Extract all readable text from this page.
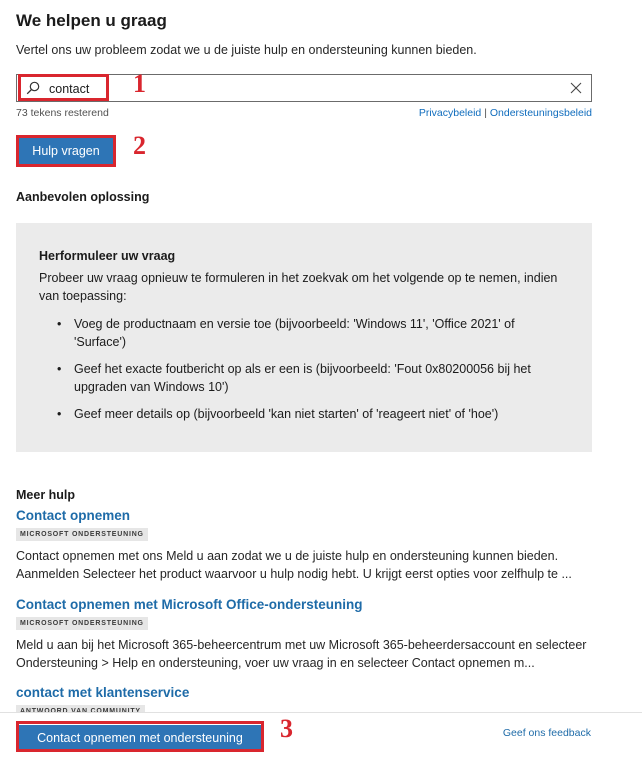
We helpen u graag
Vertel ons uw probleem zodat we u de juiste hulp en ondersteuning kunnen bieden.
contact
73 tekens resterend	Privacybeleid | Ondersteuningsbeleid
Hulp vragen
Aanbevolen oplossing
Herformuleer uw vraag
Probeer uw vraag opnieuw te formuleren in het zoekvak om het volgende op te nemen, indien van toepassing:
• Voeg de productnaam en versie toe (bijvoorbeeld: 'Windows 11', 'Office 2021' of 'Surface')
• Geef het exacte foutbericht op als er een is (bijvoorbeeld: 'Fout 0x80200056 bij het upgraden van Windows 10')
• Geef meer details op (bijvoorbeeld 'kan niet starten' of 'reageert niet' of 'hoe')
Meer hulp
Contact opnemen
MICROSOFT ONDERSTEUNING
Contact opnemen met ons Meld u aan zodat we u de juiste hulp en ondersteuning kunnen bieden. Aanmelden Selecteer het product waarvoor u hulp nodig hebt. U krijgt eerst opties voor zelfhulp te ...
Contact opnemen met Microsoft Office-ondersteuning
MICROSOFT ONDERSTEUNING
Meld u aan bij het Microsoft 365-beheercentrum met uw Microsoft 365-beheerdersaccount en selecteer Ondersteuning > Help en ondersteuning, voer uw vraag in en selecteer Contact opnemen m...
contact met klantenservice
Contact opnemen met ondersteuning	Geef ons feedback
1
2
3
